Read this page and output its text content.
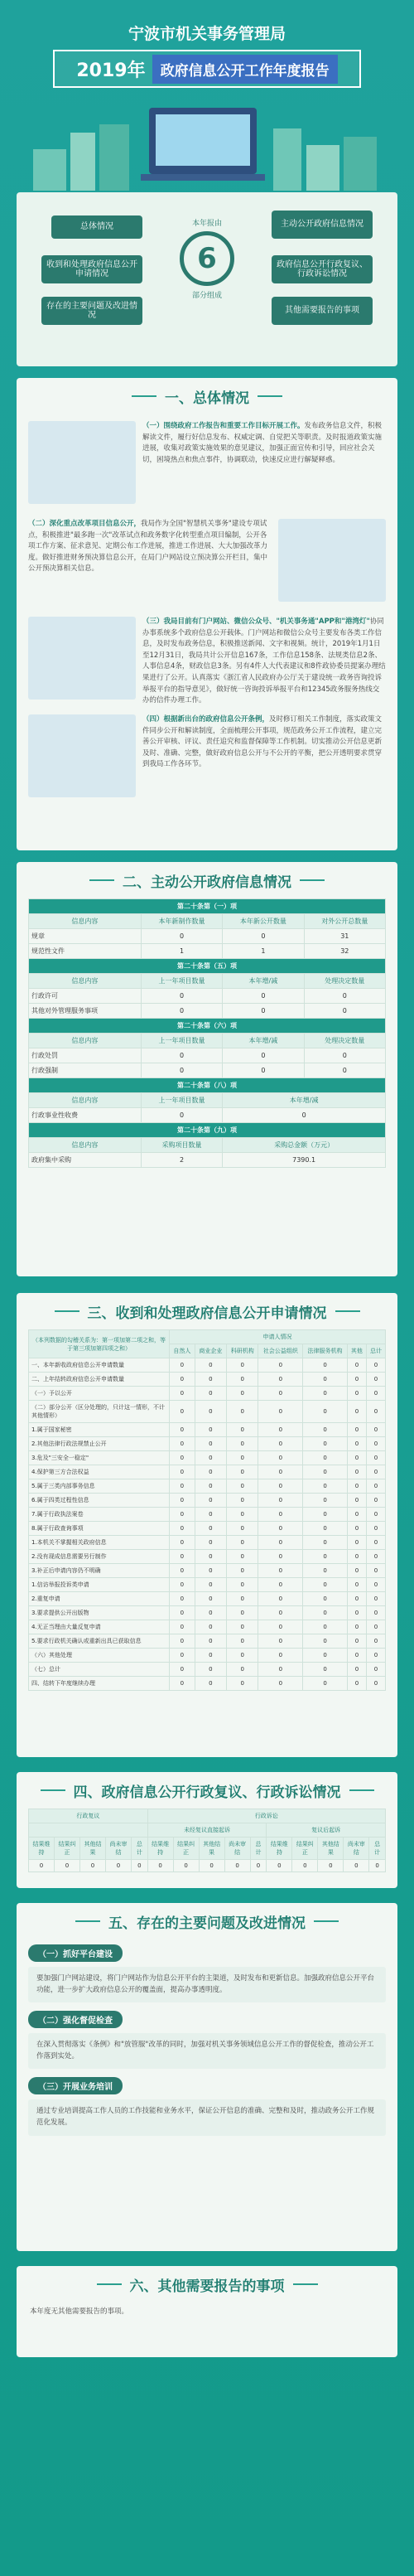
宁波市机关事务管理局
2019年	政府信息公开工作年度报告
总体情况
收到和处理政府信息公开申请情况
存在的主要问题及改进情况
主动公开政府信息情况
政府信息公开行政复议、行政诉讼情况
其他需要报告的事项
本年报由
6
部分组成
一、总体情况
（一）围绕政府工作报告和重要工作目标开展工作。发布政务信息文件，积极解读文件，履行好信息发布、权威定调、自觉把关等职责。及时报道政策实施进展，收集对政策实施效果的意见建议，加强正面宣传和引导，回应社会关切，困境热点和焦点事件，协调联动，快速反应进行解疑释惑。
（二）深化重点改革项目信息公开，我局作为全国"智慧机关事务"建设专项试点，积极推进"最多跑一次"改革试点和政务数字化转型重点项目编制，公开各项工作方案、征求意见、定期公布工作进展，推进工作进展、大大加强改革力度。做好推进财务预决算信息公开，在局门户网站设立预决算公开栏目，集中公开预决算相关信息。
（三）我局目前有门户网站、微信公众号、"机关事务通"APP和"港湾灯"协同办事系统多个政府信息公开载体。门户网站和微信公众号主要发布各类工作信息，及时发布政务信息，积极推送新闻、文字和视频。统计，2019年1月1日至12月31日，我局共计公开信息167条，工作信息158条、法规类信息2条、人事信息4条，财政信息3条。另有4件人大代表建议和8件政协委员提案办理结果进行了公开。认真落实《浙江省人民政府办公厅关于建设统一政务咨询投诉举报平台的指导意见》，做好统一咨询投诉举报平台和12345政务服务热线交办的信件办理工作。
（四）根据新出台的政府信息公开条例，及时修订相关工作制度，落实政策文件同步公开和解读制度，全面梳理公开事项，规范政务公开工作流程，建立完善公开审核、评议、责任追究和监督保障等工作机制。切实推动公开信息更新及时、准确、完整，做好政府信息公开与不公开的平衡，把公开透明要求贯穿到我局工作各环节。
二、主动公开政府信息情况
第二十条第（一）项			
信息内容	本年新制作数量	本年新公开数量	对外公开总数量
规章	0	0	31
规范性文件	1	1	32
第二十条第（五）项			
信息内容	上一年项目数量	本年增/减	处理决定数量
行政许可	0	0	0
其他对外管理服务事项	0	0	0
第二十条第（六）项			
信息内容	上一年项目数量	本年增/减	处理决定数量
行政处罚	0	0	0
行政强制	0	0	0
第二十条第（八）项			
信息内容	上一年项目数量	本年增/减	
行政事业性收费	0	0	
第二十条第（九）项			
信息内容	采购项目数量	采购总金额（万元）	
政府集中采购	2	7390.1	
三、收到和处理政府信息公开申请情况
（本列数据的勾稽关系为：第一项加第二项之和，等于第三项加第四项之和）	申请人情况						
	自然人	商业企业	科研机构	社会公益组织	法律服务机构	其他	总计
一、本年新收政府信息公开申请数量	0	0	0	0	0	0	0
二、上年结转政府信息公开申请数量	0	0	0	0	0	0	0
（一）予以公开	0	0	0	0	0	0	0
（二）部分公开（区分处理的，只计这一情形，不计其他情形）	0	0	0	0	0	0	0
1.属于国家秘密	0	0	0	0	0	0	0
2.其他法律行政法规禁止公开	0	0	0	0	0	0	0
3.危及"三安全一稳定"	0	0	0	0	0	0	0
4.保护第三方合法权益	0	0	0	0	0	0	0
5.属于三类内部事务信息	0	0	0	0	0	0	0
6.属于四类过程性信息	0	0	0	0	0	0	0
7.属于行政执法案卷	0	0	0	0	0	0	0
8.属于行政查询事项	0	0	0	0	0	0	0
1.本机关不掌握相关政府信息	0	0	0	0	0	0	0
2.没有现成信息需要另行制作	0	0	0	0	0	0	0
3.补正后申请内容仍不明确	0	0	0	0	0	0	0
1.信访举报投诉类申请	0	0	0	0	0	0	0
2.重复申请	0	0	0	0	0	0	0
3.要求提供公开出版物	0	0	0	0	0	0	0
4.无正当理由大量反复申请	0	0	0	0	0	0	0
5.要求行政机关确认或重新出具已获取信息	0	0	0	0	0	0	0
（六）其他处理	0	0	0	0	0	0	0
（七）总计	0	0	0	0	0	0	0
四、结转下年度继续办理	0	0	0	0	0	0	0
四、政府信息公开行政复议、行政诉讼情况
行政复议					行政诉讼									
					未经复议直接起诉					复议后起诉				
结果维持	结果纠正	其他结果	尚未审结	总计	结果维持	结果纠正	其他结果	尚未审结	总计	结果维持	结果纠正	其他结果	尚未审结	总计
0	0	0	0	0	0	0	0	0	0	0	0	0	0	0
五、存在的主要问题及改进情况
（一）抓好平台建设
要加强门户网站建设，将门户网站作为信息公开平台的主渠道，及时发布和更新信息。加强政府信息公开平台功能，进一步扩大政府信息公开的覆盖面，提高办事透明度。
（二）强化督促检查
在深入贯彻落实《条例》和"放管服"改革的同时，加强对机关事务领域信息公开工作的督促检查，推动公开工作落到实处。
（三）开展业务培训
通过专业培训提高工作人员的工作技能和业务水平，保证公开信息的准确、完整和及时，推动政务公开工作规范化发展。
六、其他需要报告的事项
本年度无其他需要报告的事项。
